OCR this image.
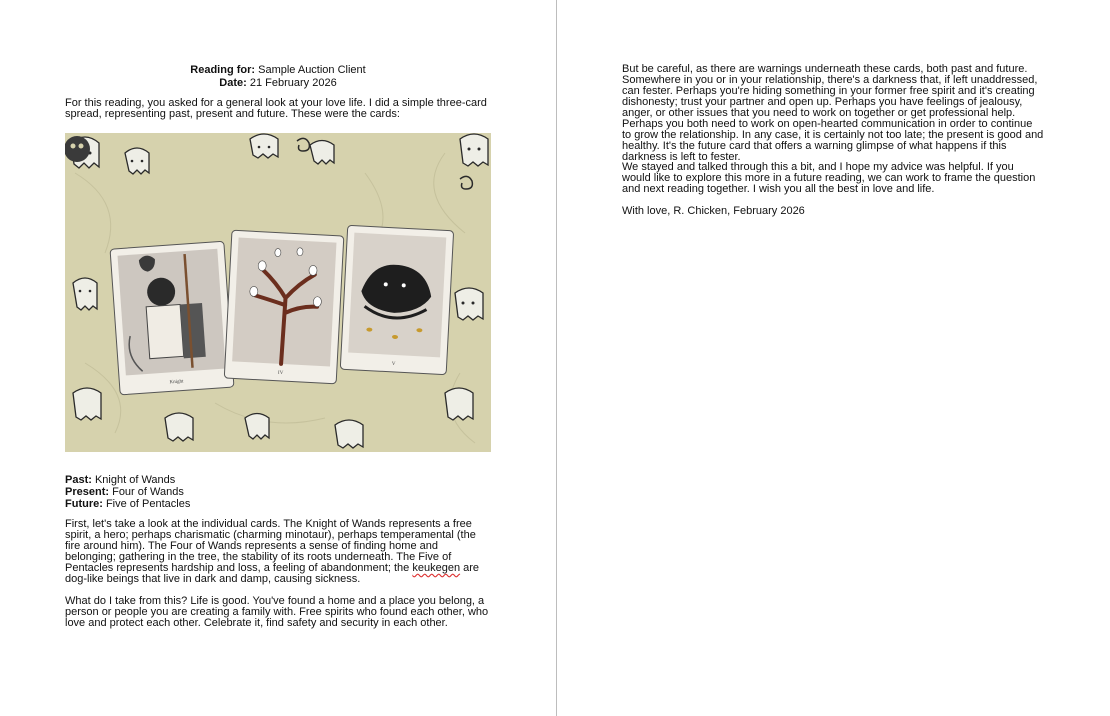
Reading for: Sample Auction Client
Date: 21 February 2026

For this reading, you asked for a general look at your love life. I did a simple three-card spread, representing past, present and future. These were the cards:

Knight
IV
V
Past: Knight of Wands
Present: Four of Wands
Future: Five of Pentacles

First, let's take a look at the individual cards. The Knight of Wands represents a free spirit, a hero; perhaps charismatic (charming minotaur), perhaps temperamental (the fire around him). The Four of Wands represents a sense of finding home and belonging; gathering in the tree, the stability of its roots underneath. The Five of Pentacles represents hardship and loss, a feeling of abandonment; the keukegen are dog-like beings that live in dark and damp, causing sickness.

What do I take from this? Life is good. You've found a home and a place you belong, a person or people you are creating a family with. Free spirits who found each other, who love and protect each other. Celebrate it, find safety and security in each other.

But be careful, as there are warnings underneath these cards, both past and future. Somewhere in you or in your relationship, there's a darkness that, if left unaddressed, can fester. Perhaps you're hiding something in your former free spirit and it's creating dishonesty; trust your partner and open up. Perhaps you have feelings of jealousy, anger, or other issues that you need to work on together or get professional help. Perhaps you both need to work on open-hearted communication in order to continue to grow the relationship. In any case, it is certainly not too late; the present is good and healthy. It's the future card that offers a warning glimpse of what happens if this darkness is left to fester.

We stayed and talked through this a bit, and I hope my advice was helpful. If you would like to explore this more in a future reading, we can work to frame the question and next reading together. I wish you all the best in love and life.

With love, R. Chicken, February 2026
